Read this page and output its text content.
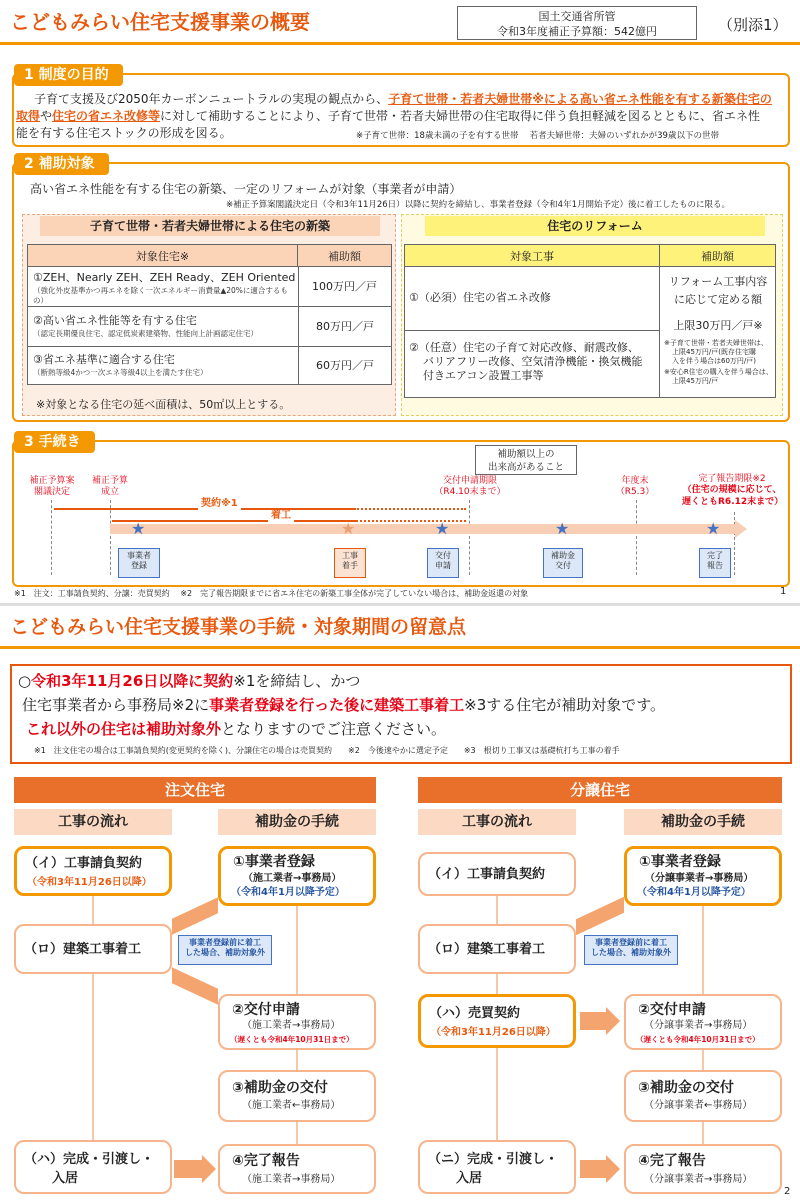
こどもみらい住宅支援事業の概要	国土交通省所管
令和3年度補正予算額：542億円	（別添1）
1 制度の目的
子育て支援及び2050年カーボンニュートラルの実現の観点から、子育て世帯・若者夫婦世帯※による高い省エネ性能を有する新築住宅の
取得や住宅の省エネ改修等に対して補助することにより、子育て世帯・若者夫婦世帯の住宅取得に伴う負担軽減を図るとともに、省エネ性
能を有する住宅ストックの形成を図る。	※子育て世帯：18歳未満の子を有する世帯　 若者夫婦世帯：夫婦のいずれかが39歳以下の世帯
2 補助対象
高い省エネ性能を有する住宅の新築、一定のリフォームが対象（事業者が申請）
※補正予算案閣議決定日（令和3年11月26日）以降に契約を締結し、事業者登録（令和4年1月開始予定）後に着工したものに限る。
子育て世帯・若者夫婦世帯による住宅の新築
対象住宅※	補助額
①ZEH、Nearly ZEH、ZEH Ready、ZEH Oriented
（強化外皮基準かつ再エネを除く一次エネルギー消費量▲20%に適合するもの）
100万円／戸
②高い省エネ性能等を有する住宅
（認定長期優良住宅、認定低炭素建築物、性能向上計画認定住宅）
80万円／戸
③省エネ基準に適合する住宅
（断熱等級4かつ一次エネ等級4以上を満たす住宅）
60万円／戸
※対象となる住宅の延べ面積は、50㎡以上とする。
住宅のリフォーム
対象工事	補助額
①（必須）住宅の省エネ改修
②（任意）住宅の子育て対応改修、耐震改修、
バリアフリー改修、空気清浄機能・換気機能
付きエアコン設置工事等
リフォーム工事内容
に応じて定める額
上限30万円／戸※
※子育て世帯・若者夫婦世帯は、
上限45万円/戸(既存住宅購
入を伴う場合は60万円/戸)
※安心R住宅の購入を伴う場合は、
上限45万円/戸
3 手続き
補助額以上の
出来高があること
補正予算案
閣議決定
補正予算
成立
交付申請期限
（R4.10末まで）
年度末
（R5.3）
完了報告期限※2
（住宅の規模に応じて、
遅くともR6.12末まで）
契約※1
着工
★	★	★	★	★
事業者
登録
工事
着手
交付
申請
補助金
交付
完了
報告
※1　注文：工事請負契約、分譲：売買契約　 ※2　完了報告期限までに省エネ住宅の新築工事全体が完了していない場合は、補助金返還の対象	1
こどもみらい住宅支援事業の手続・対象期間の留意点
○令和3年11月26日以降に契約※1を締結し、かつ
住宅事業者から事務局※2に事業者登録を行った後に建築工事着工※3する住宅が補助対象です。
これ以外の住宅は補助対象外となりますのでご注意ください。
※1　注文住宅の場合は工事請負契約(変更契約を除く)、分譲住宅の場合は売買契約　　※2　今後速やかに選定予定　　※3　根切り工事又は基礎杭打ち工事の着手
注文住宅
工事の流れ	補助金の手続
（イ）工事請負契約
（令和3年11月26日以降）
（ロ）建築工事着工
（ハ）完成・引渡し・
入居
①事業者登録
（施工業者→事務局）
（令和4年1月以降予定）
②交付申請
（施工業者→事務局）
（遅くとも令和4年10月31日まで）
③補助金の交付
（施工業者←事務局）
④完了報告
（施工業者→事務局）
事業者登録前に着工
した場合、補助対象外
分譲住宅
工事の流れ	補助金の手続
（イ）工事請負契約
（ロ）建築工事着工
（ハ）売買契約
（令和3年11月26日以降）
（ニ）完成・引渡し・
入居
①事業者登録
（分譲事業者→事務局）
（令和4年1月以降予定）
②交付申請
（分譲事業者→事務局）
（遅くとも令和4年10月31日まで）
③補助金の交付
（分譲事業者←事務局）
④完了報告
（分譲事業者→事務局）
事業者登録前に着工
した場合、補助対象外
2
